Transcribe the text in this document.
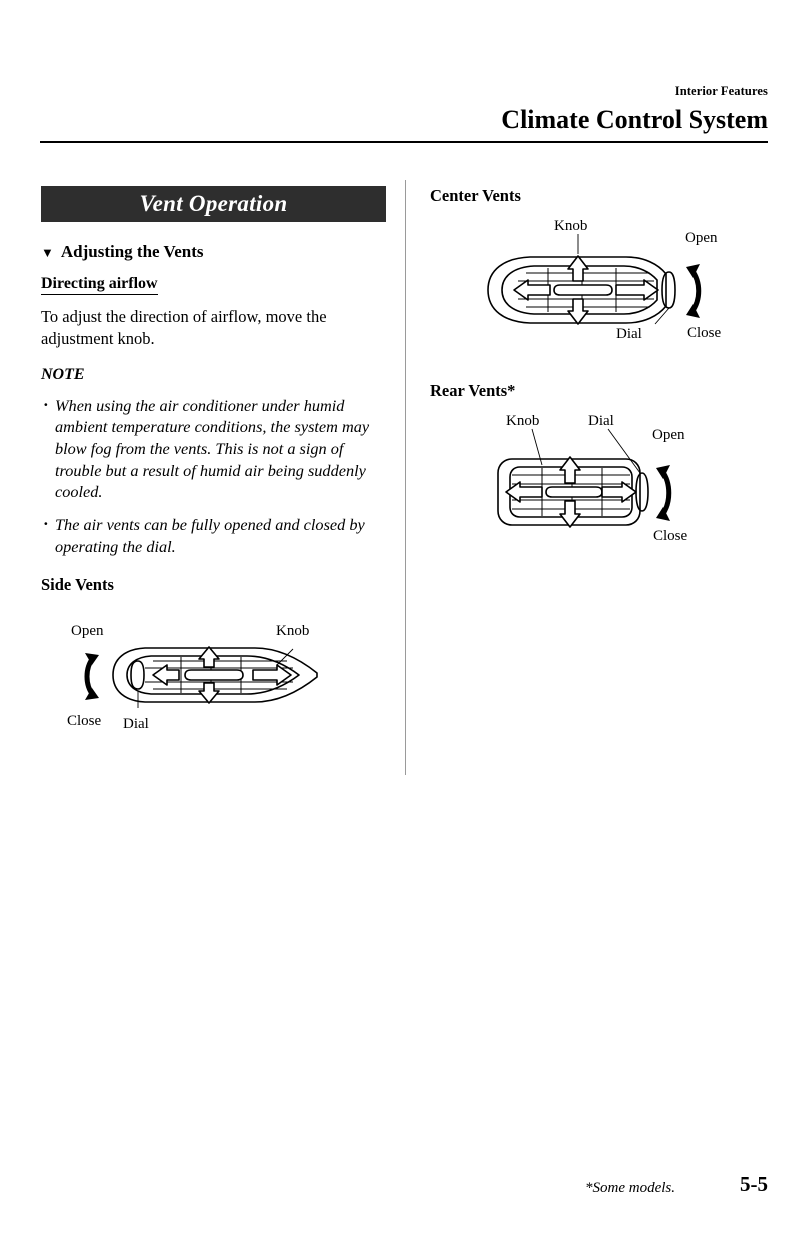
Interior Features
Climate Control System
Vent Operation
▼ Adjusting the Vents
Directing airflow
To adjust the direction of airflow, move the adjustment knob.
NOTE
· When using the air conditioner under humid ambient temperature conditions, the system may blow fog from the vents. This is not a sign of trouble but a result of humid air being suddenly cooled.
· The air vents can be fully opened and closed by operating the dial.
Side Vents
Open
Close
Knob
Dial
Center Vents
Knob
Open
Close
Dial
Rear Vents*
Knob	Dial
Open
Close
*Some models.	5-5
